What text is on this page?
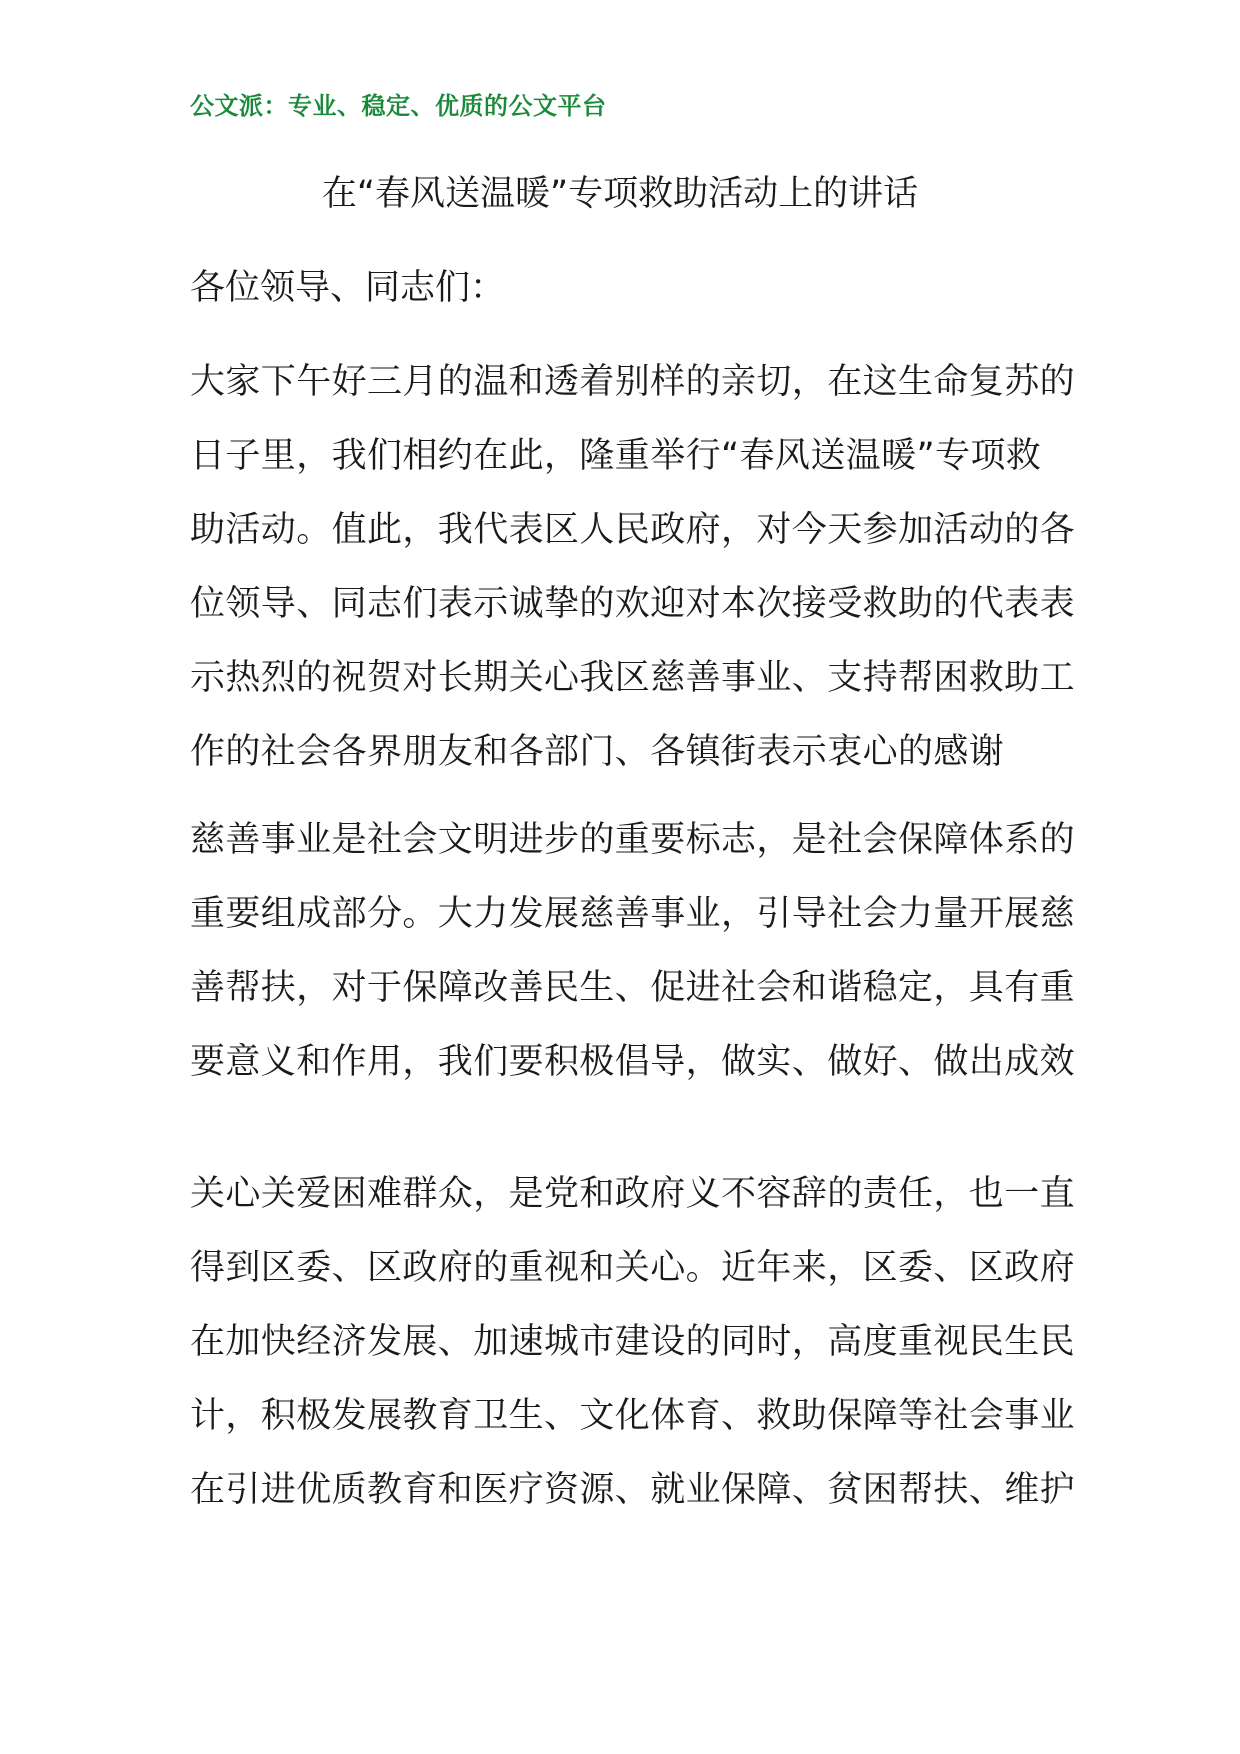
公文派：专业、稳定、优质的公文平台
在“春风送温暖”专项救助活动上的讲话
各位领导、同志们：
大家下午好三月的温和透着别样的亲切，在这生命复苏的
日子里，我们相约在此，隆重举行“春风送温暖”专项救
助活动。值此，我代表区人民政府，对今天参加活动的各
位领导、同志们表示诚挚的欢迎对本次接受救助的代表表
示热烈的祝贺对长期关心我区慈善事业、支持帮困救助工
作的社会各界朋友和各部门、各镇街表示衷心的感谢
慈善事业是社会文明进步的重要标志，是社会保障体系的
重要组成部分。大力发展慈善事业，引导社会力量开展慈
善帮扶，对于保障改善民生、促进社会和谐稳定，具有重
要意义和作用，我们要积极倡导，做实、做好、做出成效
关心关爱困难群众，是党和政府义不容辞的责任，也一直
得到区委、区政府的重视和关心。近年来，区委、区政府
在加快经济发展、加速城市建设的同时，高度重视民生民
计，积极发展教育卫生、文化体育、救助保障等社会事业
在引进优质教育和医疗资源、就业保障、贫困帮扶、维护
